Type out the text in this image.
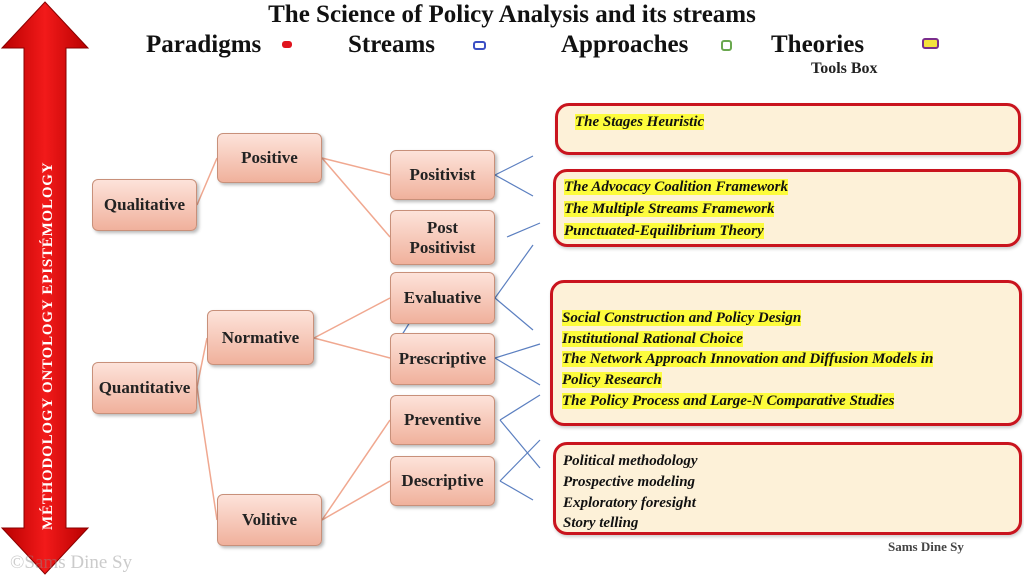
The Science of Policy Analysis and its streams
Paradigms	Streams	Approaches	Theories
Tools Box
MÉTHODOLOGY ONTOLOGY EPISTÉMOLOGY	Qualitative
Quantitative
Positive
Normative
Volitive
Positivist
Post Positivist
Evaluative
Prescriptive
Preventive
Descriptive
The Stages Heuristic
The Advocacy Coalition Framework
The Multiple Streams Framework
Punctuated-Equilibrium Theory
Social Construction and Policy Design
Institutional Rational Choice
The Network Approach Innovation and Diffusion Models in
Policy Research
The Policy Process and Large-N Comparative Studies
Political methodology
Prospective modeling
Exploratory foresight
Story telling
Sams Dine Sy
©Sams Dine Sy
